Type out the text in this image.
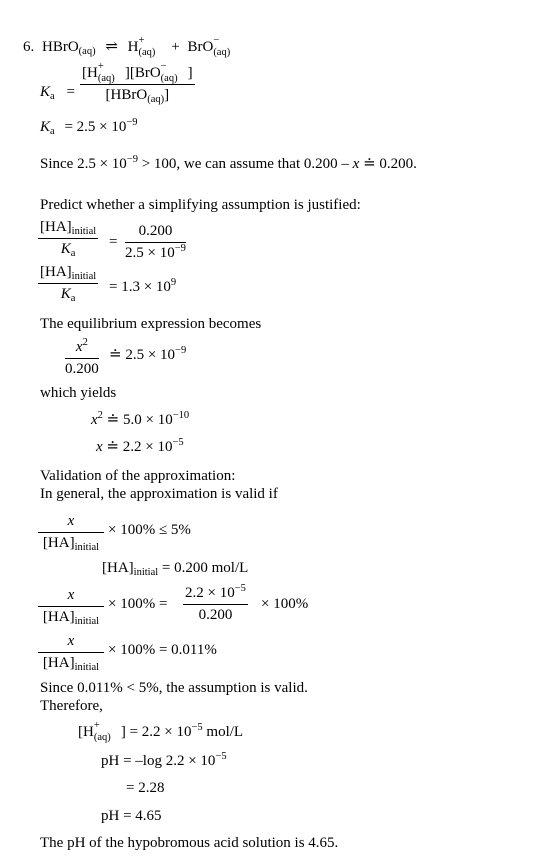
6. HBrO$_{(aq)}$ ⇌ H +
(aq) + BrO −
(aq)
$K_a$ =
[H +
(aq) ][BrO −
(aq) ]
[HBrO$_{(aq)}$]
$K_a = 2.5 \times 10^{-9}$
Since $2.5 \times 10^{-9} > 100$, we can assume that 0.200 – x ≐ 0.200.
Predict whether a simplifying assumption is justified:
$[HA]_{initial}$
$K_a$
= $\frac{0.200}{2.5 \times 10^{-9}}$
$[HA]_{initial}$
$K_a$
= $1.3 \times 10^9$
The equilibrium expression becomes
$\frac{x^2}{0.200}$ ≐ $2.5 \times 10^{-9}$
which yields
$x^2$ ≐ $5.0 \times 10^{-10}$
x ≐ $2.2 \times 10^{-5}$
Validation of the approximation:
In general, the approximation is valid if
x
$[HA]_{initial}$
× 100% ≤ 5%
$[HA]_{initial} = 0.200$ mol/L
x
$[HA]_{initial}$
× $100\% = \frac{2.2 \times 10^{-5}}{0.200} \times 100\%$
x
$[HA]_{initial}$
× 100% = 0.011%
Since 0.011% < 5%, the assumption is valid.
Therefore,
[H +
(aq) ] = $2.2 \times 10^{-5}$ mol/L
pH = –log $2.2 \times 10^{-5}$
= 2.28
pH = 4.65
The pH of the hypobromous acid solution is 4.65.
